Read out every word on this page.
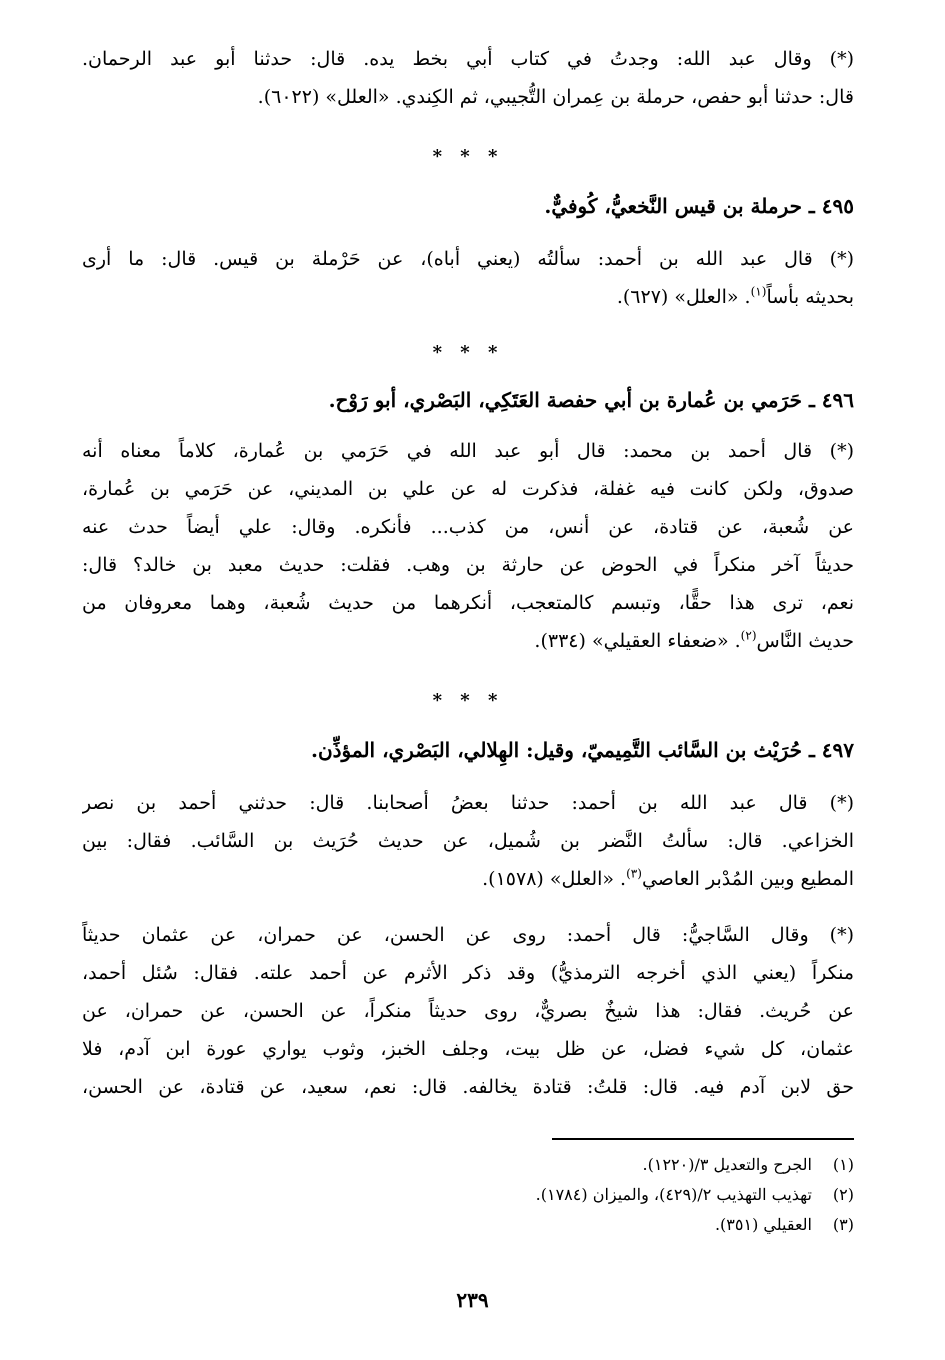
(*) وقال عبد الله: وجدتُ في كتاب أبي بخط يده. قال: حدثنا أبو عبد الرحمان.
قال: حدثنا أبو حفص، حرملة بن عِمران التُّجيبي، ثم الكِندي. «العلل» (٦٠٢٢).
* * *
٤٩٥ ـ حرملة بن قيس النَّخعيُّ، كُوفيٌّ.
(*) قال عبد الله بن أحمد: سألتُه (يعني أباه)، عن حَرْملة بن قيس. قال: ما أرى
بحديثه بأساً$^{(١)}$. «العلل» (٦٢٧).
* * *
٤٩٦ ـ حَرَمي بن عُمارة بن أبي حفصة العَتَكِي، البَصْري، أبو رَوْح.
(*) قال أحمد بن محمد: قال أبو عبد الله في حَرَمي بن عُمارة، كلاماً معناه أنه
صدوق، ولكن كانت فيه غفلة، فذكرت له عن علي بن المديني، عن حَرَمي بن عُمارة،
عن شُعبة، عن قتادة، عن أنس، من كذب... فأنكره. وقال: علي أيضاً حدث عنه
حديثاً آخر منكراً في الحوض عن حارثة بن وهب. فقلت: حديث معبد بن خالد؟ قال:
نعم، ترى هذا حقًّا، وتبسم كالمتعجب، أنكرهما من حديث شُعبة، وهما معروفان من
حديث النَّاس$^{(٢)}$. «ضعفاء العقيلي» (٣٣٤).
* * *
٤٩٧ ـ حُرَيْث بن السَّائب التَّمِيميّ، وقيل: الهِلالي، البَصْري، المؤذِّن.
(*) قال عبد الله بن أحمد: حدثنا بعضُ أصحابنا. قال: حدثني أحمد بن نصر
الخزاعي. قال: سألتُ النَّضر بن شُميل، عن حديث حُرَيث بن السَّائب. فقال: بين
المطيع وبين المُدْبر العاصي$^{(٣)}$. «العلل» (١٥٧٨).
(*) وقال السَّاجيُّ: قال أحمد: روى عن الحسن، عن حمران، عن عثمان حديثاً
منكراً (يعني الذي أخرجه الترمذيُّ) وقد ذكر الأثرم عن أحمد علته. فقال: سُئل أحمد،
عن حُريث. فقال: هذا شيخٌ بصريٌّ، روى حديثاً منكراً، عن الحسن، عن حمران، عن
عثمان، كل شيء فضل، عن ظل بيت، وجلف الخبز، وثوب يواري عورة ابن آدم، فلا
حق لابن آدم فيه. قال: قلتُ: قتادة يخالفه. قال: نعم، سعيد، عن قتادة، عن الحسن،
(١)الجرح والتعديل ٣/(١٢٢٠).
(٢)تهذيب التهذيب ٢/(٤٢٩)، والميزان (١٧٨٤).
(٣)العقيلي (٣٥١).
٢٣٩
